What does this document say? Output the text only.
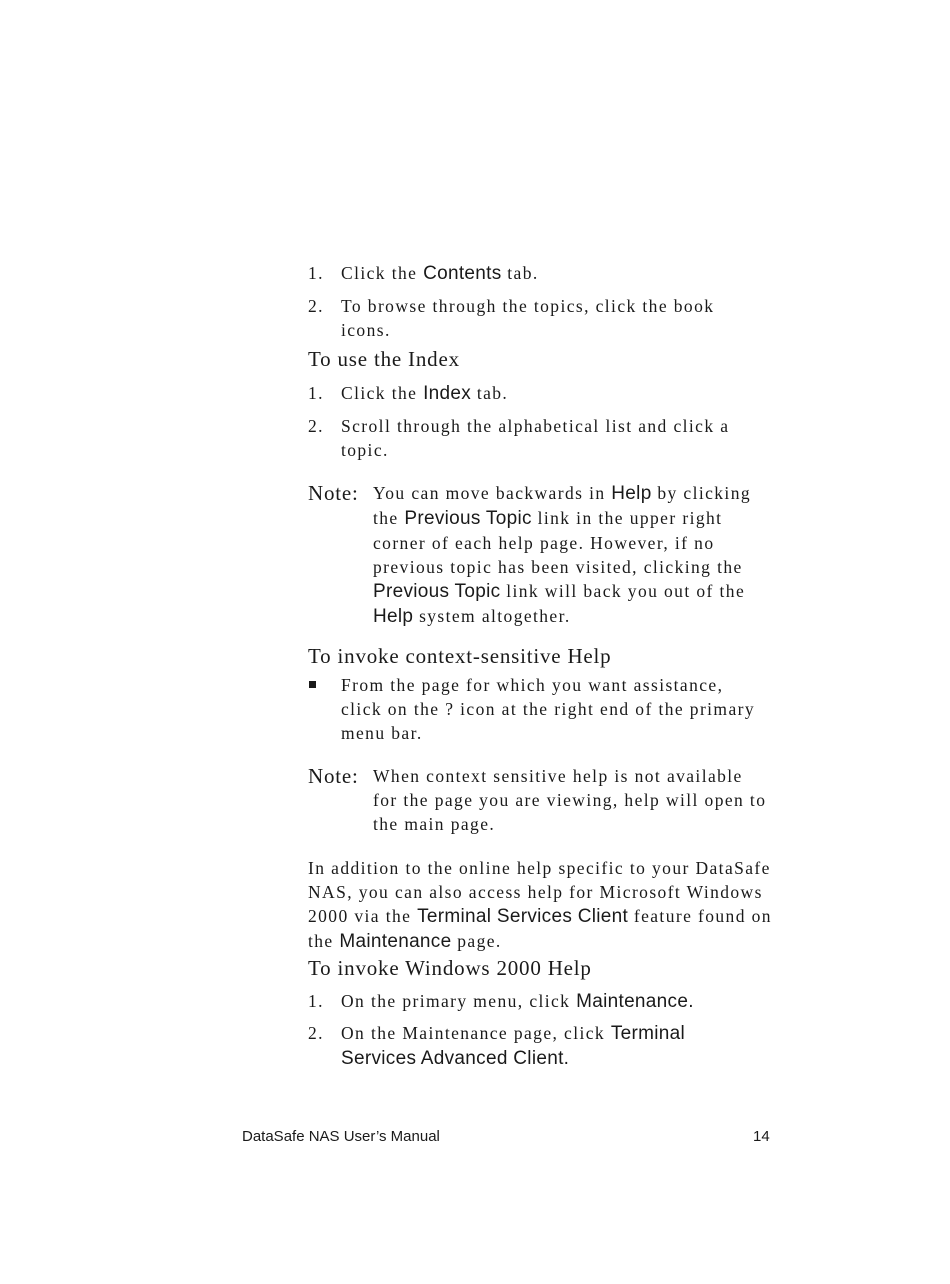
1. Click the Contents tab.
2. To browse through the topics, click the book icons.
To use the Index
1. Click the Index tab.
2. Scroll through the alphabetical list and click a topic.
Note: You can move backwards in Help by clicking the Previous Topic link in the upper right corner of each help page. However, if no previous topic has been visited, clicking the Previous Topic link will back you out of the Help system altogether.
To invoke context-sensitive Help
From the page for which you want assistance, click on the ? icon at the right end of the primary menu bar.
Note: When context sensitive help is not available for the page you are viewing, help will open to the main page.
In addition to the online help specific to your DataSafe NAS, you can also access help for Microsoft Windows 2000 via the Terminal Services Client feature found on the Maintenance page.
To invoke Windows 2000 Help
1. On the primary menu, click Maintenance.
2. On the Maintenance page, click Terminal Services Advanced Client.
DataSafe NAS User’s Manual	14
